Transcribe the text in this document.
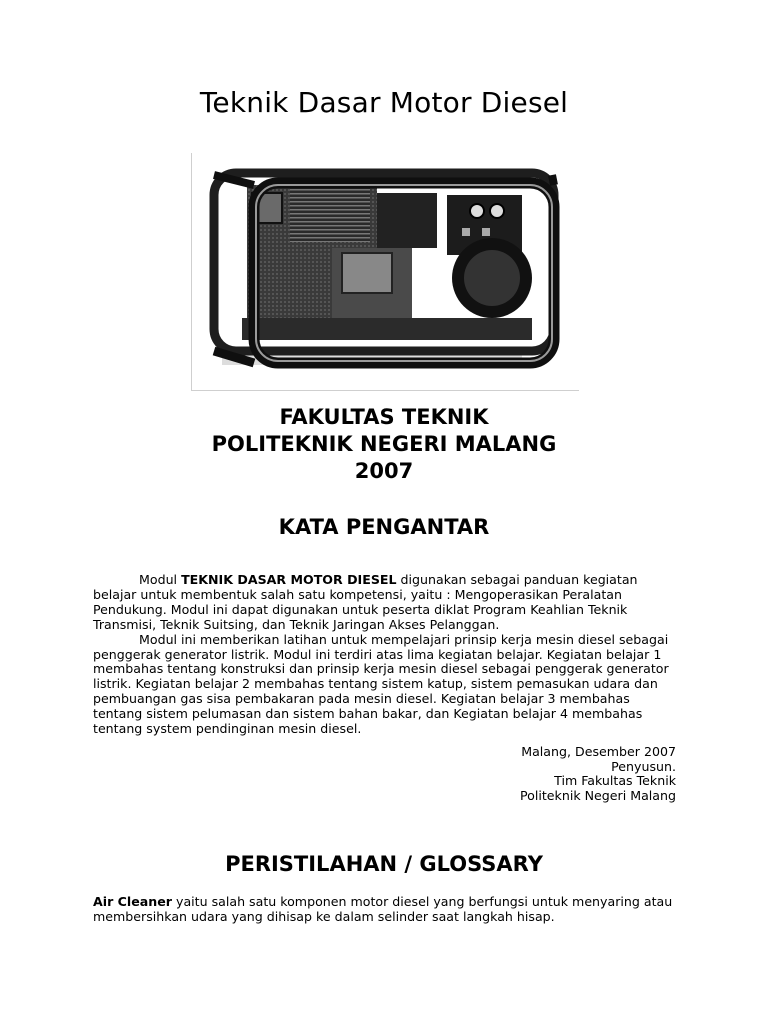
Teknik Dasar Motor Diesel
FAKULTAS TEKNIK
POLITEKNIK NEGERI MALANG
2007
KATA PENGANTAR

Modul TEKNIK DASAR MOTOR DIESEL digunakan sebagai panduan kegiatan belajar untuk membentuk salah satu kompetensi, yaitu : Mengoperasikan Peralatan Pendukung. Modul ini dapat digunakan untuk peserta diklat Program Keahlian Teknik Transmisi, Teknik Suitsing, dan Teknik Jaringan Akses Pelanggan.

Modul ini memberikan latihan untuk mempelajari prinsip kerja mesin diesel sebagai penggerak generator listrik. Modul ini terdiri atas lima kegiatan belajar. Kegiatan belajar 1 membahas tentang konstruksi dan prinsip kerja mesin diesel sebagai penggerak generator listrik. Kegiatan belajar 2 membahas tentang sistem katup, sistem pemasukan udara dan pembuangan gas sisa pembakaran pada mesin diesel. Kegiatan belajar 3 membahas tentang sistem pelumasan dan sistem bahan bakar, dan Kegiatan belajar 4 membahas tentang system pendinginan mesin diesel.

Malang, Desember 2007
Penyusun.
Tim Fakultas Teknik
Politeknik Negeri Malang
PERISTILAHAN / GLOSSARY
Air Cleaner yaitu salah satu komponen motor diesel yang berfungsi untuk menyaring atau membersihkan udara yang dihisap ke dalam selinder saat langkah hisap.
